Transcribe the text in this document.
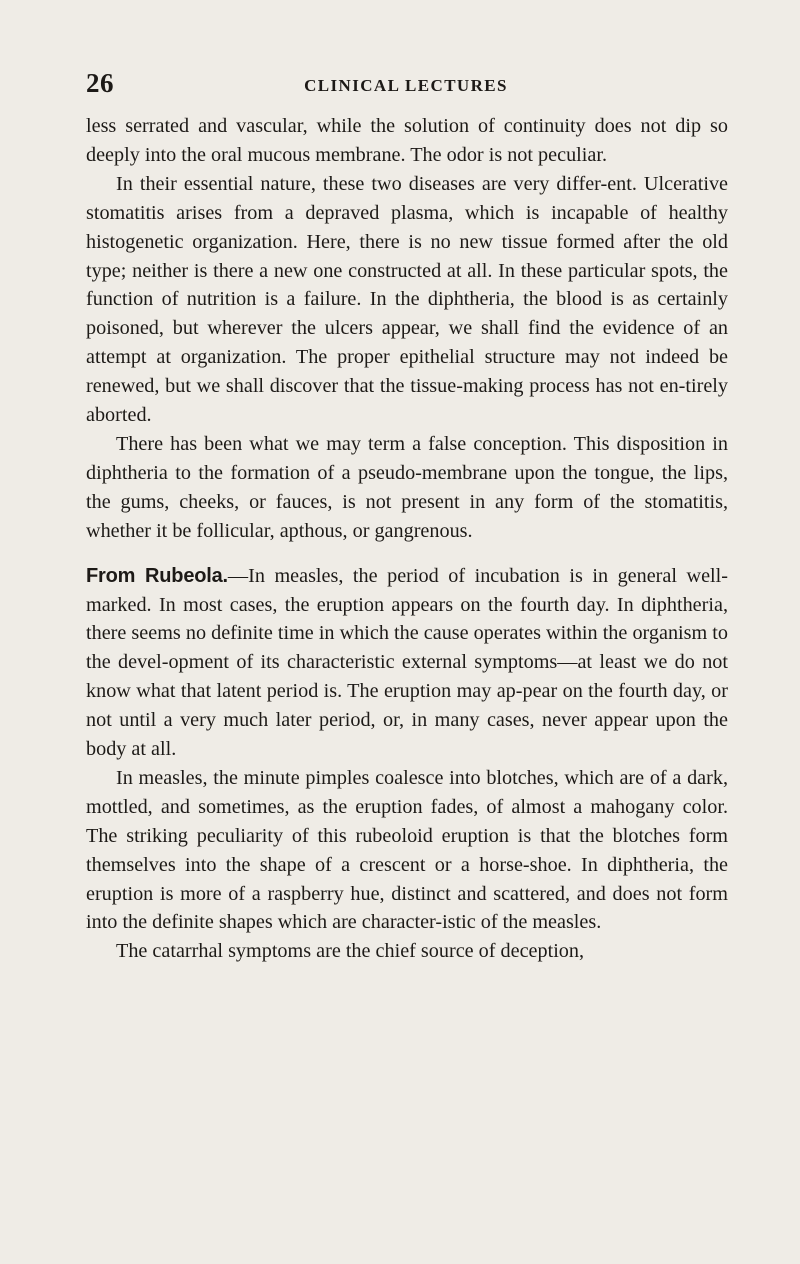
26	CLINICAL LECTURES

less serrated and vascular, while the solution of continuity does not dip so deeply into the oral mucous membrane. The odor is not peculiar.

In their essential nature, these two diseases are very differ-ent. Ulcerative stomatitis arises from a depraved plasma, which is incapable of healthy histogenetic organization. Here, there is no new tissue formed after the old type; neither is there a new one constructed at all. In these particular spots, the function of nutrition is a failure. In the diphtheria, the blood is as certainly poisoned, but wherever the ulcers appear, we shall find the evidence of an attempt at organization. The proper epithelial structure may not indeed be renewed, but we shall discover that the tissue-making process has not en-tirely aborted.

There has been what we may term a false conception. This disposition in diphtheria to the formation of a pseudo-membrane upon the tongue, the lips, the gums, cheeks, or fauces, is not present in any form of the stomatitis, whether it be follicular, apthous, or gangrenous.

From Rubeola.—In measles, the period of incubation is in general well-marked. In most cases, the eruption appears on the fourth day. In diphtheria, there seems no definite time in which the cause operates within the organism to the devel-opment of its characteristic external symptoms—at least we do not know what that latent period is. The eruption may ap-pear on the fourth day, or not until a very much later period, or, in many cases, never appear upon the body at all.

In measles, the minute pimples coalesce into blotches, which are of a dark, mottled, and sometimes, as the eruption fades, of almost a mahogany color. The striking peculiarity of this rubeoloid eruption is that the blotches form themselves into the shape of a crescent or a horse-shoe. In diphtheria, the eruption is more of a raspberry hue, distinct and scattered, and does not form into the definite shapes which are character-istic of the measles.

The catarrhal symptoms are the chief source of deception,
